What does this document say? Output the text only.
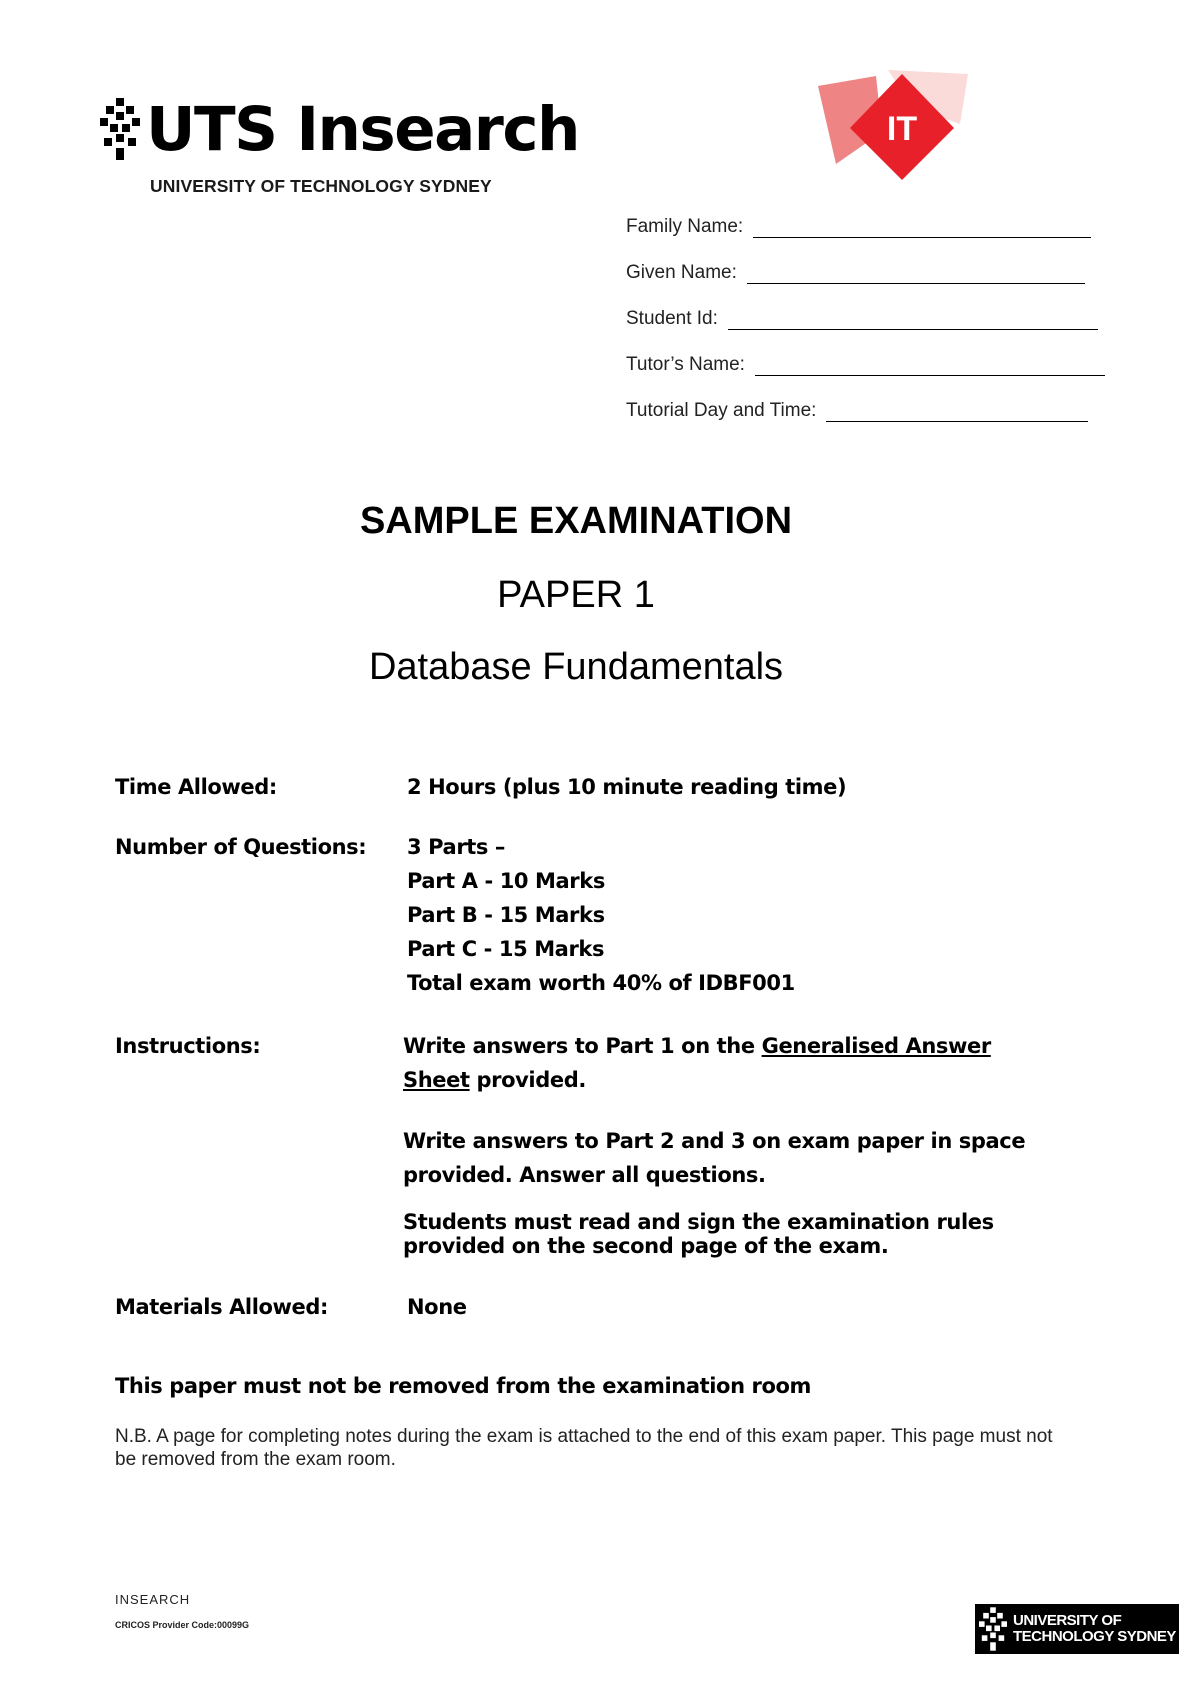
UTS Insearch
UNIVERSITY OF TECHNOLOGY SYDNEY
IT
Family Name:
Given Name:
Student Id:
Tutor’s Name:
Tutorial Day and Time:
SAMPLE EXAMINATION
PAPER 1
Database Fundamentals
Time Allowed:	2 Hours (plus 10 minute reading time)
Number of Questions: 3 Parts –
Part A - 10 Marks
Part B - 15 Marks
Part C - 15 Marks
Total exam worth 40% of IDBF001
Instructions:	Write answers to Part 1 on the Generalised Answer
Sheet provided.
Write answers to Part 2 and 3 on exam paper in space
provided. Answer all questions.
Students must read and sign the examination rules
provided on the second page of the exam.
Materials Allowed:	None
This paper must not be removed from the examination room
N.B. A page for completing notes during the exam is attached to the end of this exam paper. This page must not be removed from the exam room.
INSEARCH
CRICOS Provider Code:00099G	UNIVERSITY OF
TECHNOLOGY SYDNEY
